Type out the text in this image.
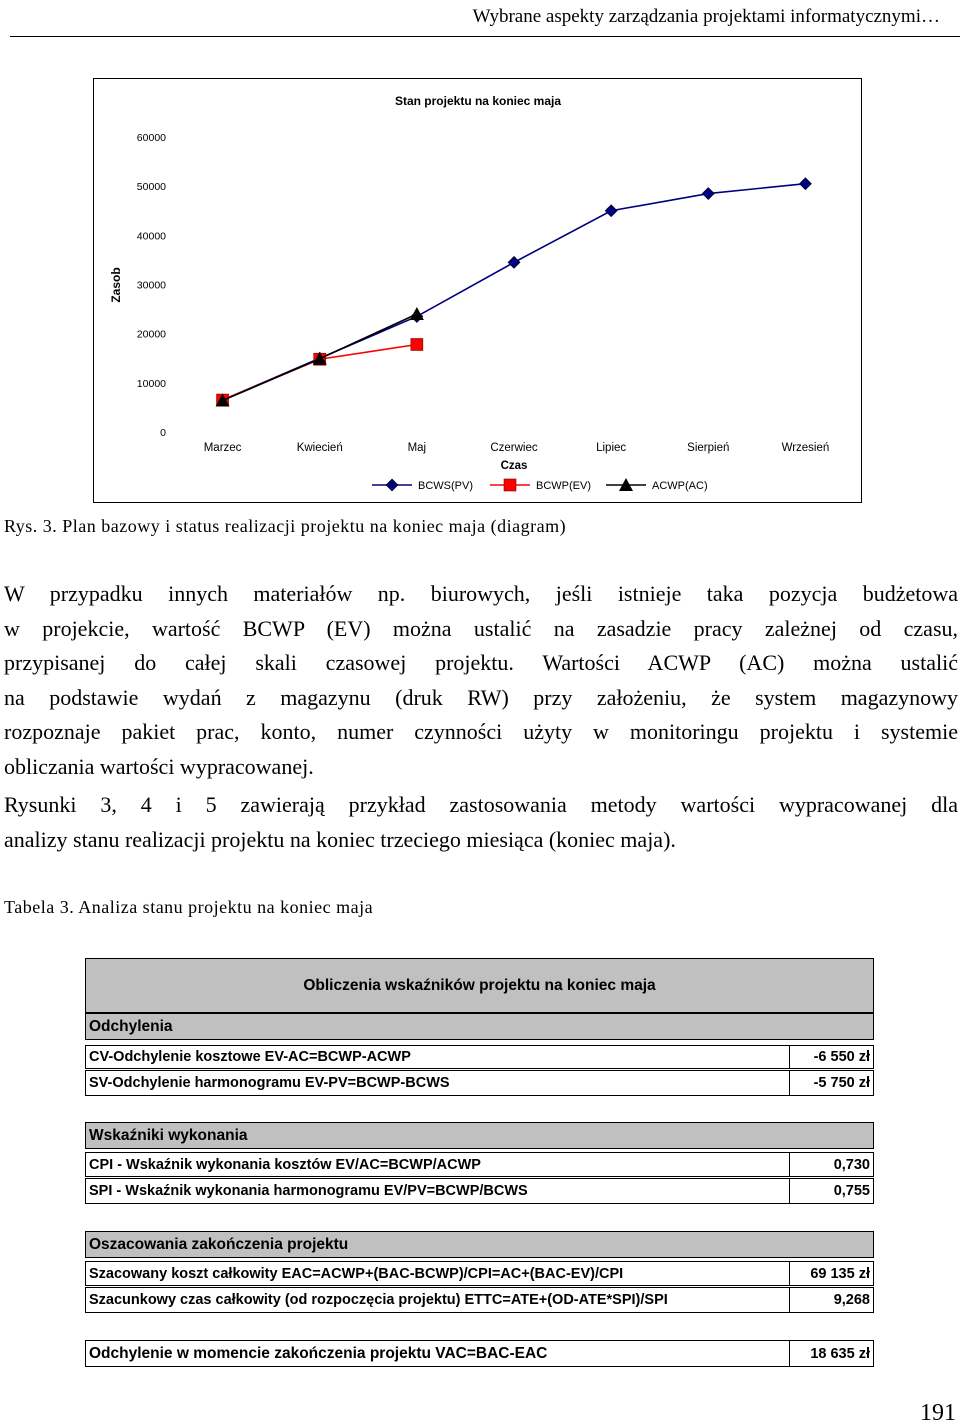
Wybrane aspekty zarządzania projektami informatycznymi…
Stan projektu na koniec maja
0
10000
20000
30000
40000
50000
60000
Zasob
Marzec	Kwiecień	Maj	Czerwiec	Lipiec	Sierpień	Wrzesień
Czas
BCWS(PV)	BCWP(EV)	ACWP(AC)
Rys. 3. Plan bazowy i status realizacji projektu na koniec maja (diagram)

W przypadku innych materiałów np. biurowych, jeśli istnieje taka pozycja budżetowa
w projekcie, wartość BCWP (EV) można ustalić na zasadzie pracy zależnej od czasu,
przypisanej do całej skali czasowej projektu. Wartości ACWP (AC) można ustalić
na podstawie wydań z magazynu (druk RW) przy założeniu, że system magazynowy
rozpoznaje pakiet prac, konto, numer czynności użyty w monitoringu projektu i systemie
obliczania wartości wypracowanej.

Rysunki 3, 4 i 5 zawierają przykład zastosowania metody wartości wypracowanej dla
analizy stanu realizacji projektu na koniec trzeciego miesiąca (koniec maja).

Tabela 3. Analiza stanu projektu na koniec maja
Obliczenia wskaźników projektu na koniec maja
Odchylenia
CV-Odchylenie kosztowe EV-AC=BCWP-ACWP	-6 550 zł
SV-Odchylenie harmonogramu EV-PV=BCWP-BCWS	-5 750 zł
Wskaźniki wykonania
CPI - Wskaźnik wykonania kosztów EV/AC=BCWP/ACWP	0,730
SPI - Wskaźnik wykonania harmonogramu EV/PV=BCWP/BCWS	0,755
Oszacowania zakończenia projektu
Szacowany koszt całkowity EAC=ACWP+(BAC-BCWP)/CPI=AC+(BAC-EV)/CPI	69 135 zł
Szacunkowy czas całkowity (od rozpoczęcia projektu) ETTC=ATE+(OD-ATE*SPI)/SPI	9,268
Odchylenie w momencie zakończenia projektu VAC=BAC-EAC	18 635 zł
191
